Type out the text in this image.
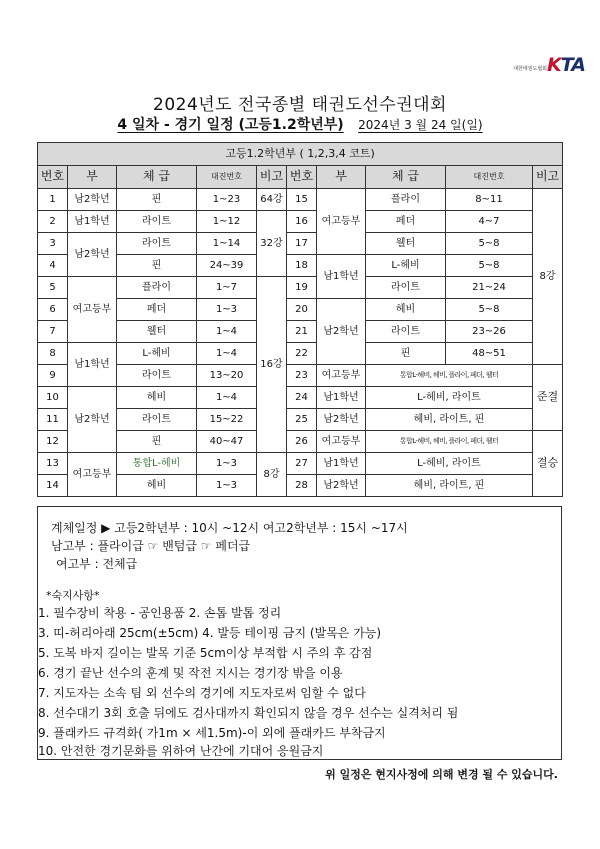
대한태권도협회 KTA
2024년도 전국종별 태권도선수권대회
4 일차 - 경기 일정 (고등1.2학년부) 2024년 3 월 24 일(일)
고등1.2학년부 ( 1,2,3,4 코트)									
번호	부	체 급	대진번호	비고	번호	부	체 급	대진번호	비고
1	남2학년	핀	1~23	64강	15	여고등부	플라이	8~11	8강
2	남1학년	라이트	1~12	32강	16		페더	4~7	
3	남2학년	라이트	1~14		17		웰터	5~8	
4		핀	24~39		18	남1학년	L-헤비	5~8	
5	여고등부	플라이	1~7	16강	19		라이트	21~24	
6		페더	1~3		20	남2학년	헤비	5~8	
7		웰터	1~4		21		라이트	23~26	
8	남1학년	L-헤비	1~4		22		핀	48~51	
9		라이트	13~20		23	여고등부	통합L-헤비, 헤비, 플라이, 페더, 웰터		준결
10	남2학년	헤비	1~4		24	남1학년	L-헤비, 라이트		
11		라이트	15~22		25	남2학년	헤비, 라이트, 핀		
12		핀	40~47		26	여고등부	통합L-헤비, 헤비, 플라이, 페더, 웰터		결승
13	여고등부	통합L-헤비	1~3	8강	27	남1학년	L-헤비, 라이트		
14		헤비	1~3		28	남2학년	헤비, 라이트, 핀		
계체일정 ▶ 고등2학년부 : 10시 ~12시 여고2학년부 : 15시 ~17시
남고부 : 플라이급 ☞ 밴텀급 ☞ 페더급
여고부 : 전체급
*숙지사항*
1. 필수장비 착용 - 공인용품 2. 손톱 발톱 정리
3. 띠-허리아래 25cm(±5cm) 4. 발등 테이핑 금지 (발목은 가능)
5. 도복 바지 길이는 발목 기준 5cm이상 부적합 시 주의 후 감점
6. 경기 끝난 선수의 훈계 및 작전 지시는 경기장 밖을 이용
7. 지도자는 소속 팀 외 선수의 경기에 지도자로써 임할 수 없다
8. 선수대기 3회 호출 뒤에도 검사대까지 확인되지 않을 경우 선수는 실격처리 됨
9. 플래카드 규격화( 가1m × 세1.5m)-이 외에 플래카드 부착금지
10. 안전한 경기문화를 위하여 난간에 기대어 응원금지
위 일정은 현지사정에 의해 변경 될 수 있습니다.
